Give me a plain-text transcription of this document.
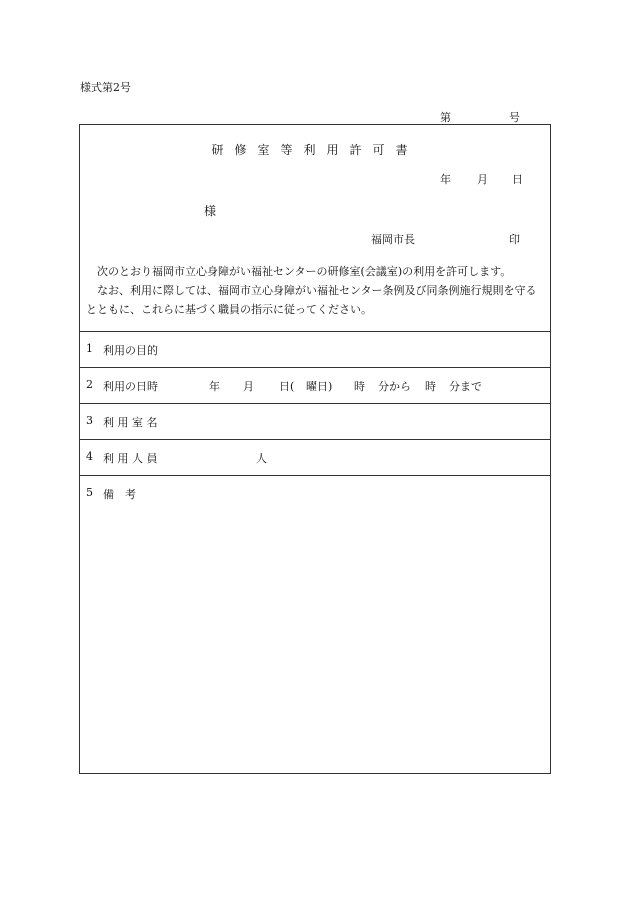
様式第2号
第	号
研修室等利用許可書
年 月 日
様
福岡市長	印

次のとおり福岡市立心身障がい福祉センターの研修室(会議室)の利用を許可します。

なお、利用に際しては、福岡市立心身障がい福祉センター条例及び同条例施行規則を守るとともに、これらに基づく職員の指示に従ってください。

1 利用の目的
2 利用の日時	年 月 日( 曜日) 時 分から 時 分まで
3 利 用 室 名
4 利 用 人 員	人
5 備　考
